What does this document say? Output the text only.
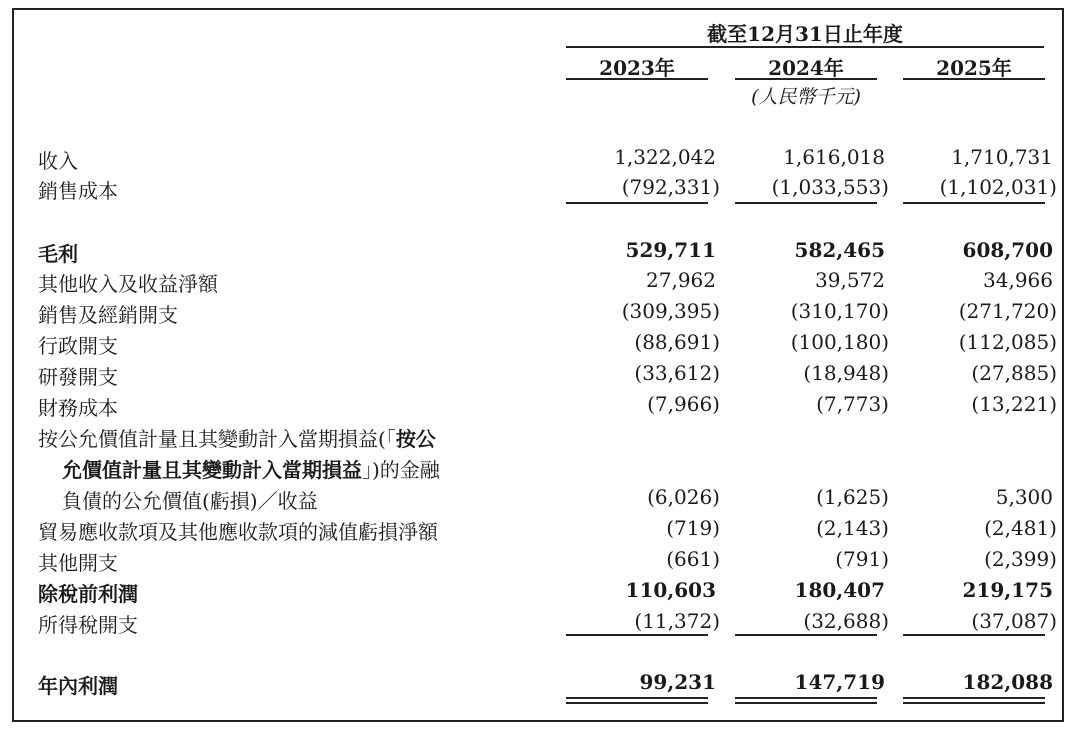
截至12月31日止年度
2023年	2024年	2025年
(人民幣千元)
收入	1,322,042	1,616,018	1,710,731
銷售成本	(792,331)	(1,033,553)	(1,102,031)
毛利	529,711	582,465	608,700
其他收入及收益淨額	27,962	39,572	34,966
銷售及經銷開支	(309,395)	(310,170)	(271,720)
行政開支	(88,691)	(100,180)	(112,085)
研發開支	(33,612)	(18,948)	(27,885)
財務成本	(7,966)	(7,773)	(13,221)
按公允價值計量且其變動計入當期損益(「按公
允價值計量且其變動計入當期損益」)的金融
負債的公允價值(虧損)／收益	(6,026)	(1,625)	5,300
貿易應收款項及其他應收款項的減值虧損淨額	(719)	(2,143)	(2,481)
其他開支	(661)	(791)	(2,399)
除稅前利潤	110,603	180,407	219,175
所得稅開支	(11,372)	(32,688)	(37,087)
年內利潤	99,231	147,719	182,088
